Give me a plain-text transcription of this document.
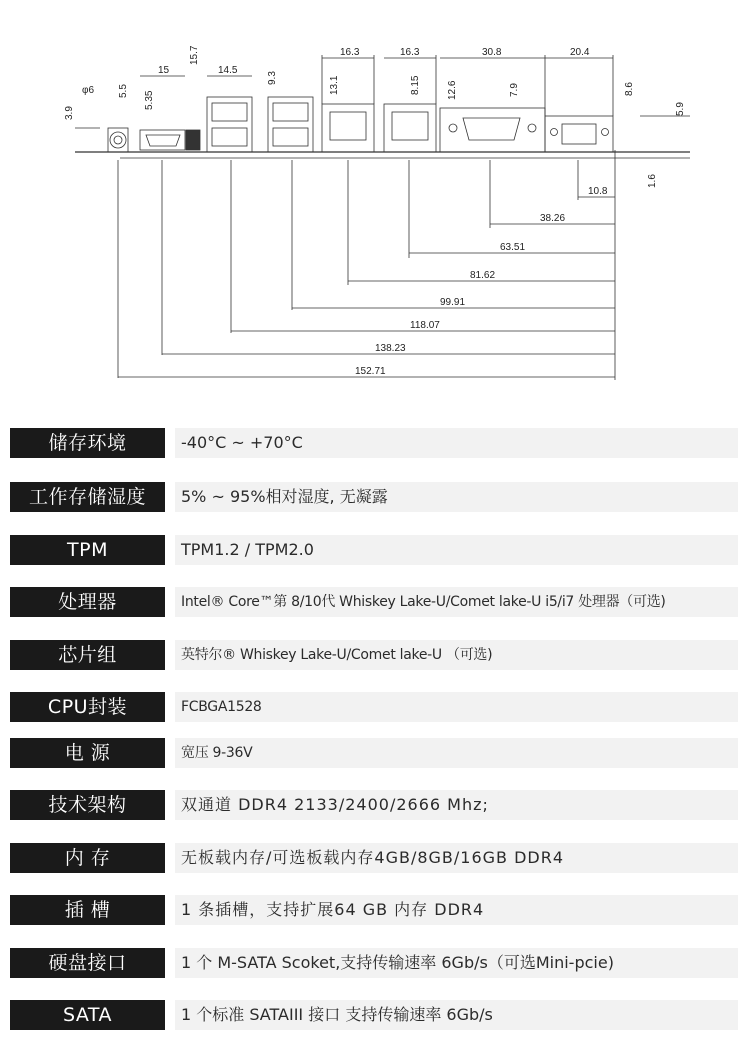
φ6
3.9
5.5 5.35
15
15.7
14.5
9.3
16.3	16.3
13.1	8.15
30.8
12.6	7.9
20.4
8.6
5.9
1.6
10.8
38.26
63.51
81.62
99.91
118.07
138.23
152.71
储存环境	-40°C ~ +70°C
工作存储湿度	5% ~ 95%相对湿度, 无凝露
TPM	TPM1.2 / TPM2.0
处理器	Intel® Core™第 8/10代 Whiskey Lake-U/Comet lake-U i5/i7 处理器（可选)
芯片组	英特尔® Whiskey Lake-U/Comet lake-U （可选)
CPU封装	FCBGA1528
电 源	宽压 9-36V
技术架构	双通道 DDR4 2133/2400/2666 Mhz;
内 存	无板载内存/可选板载内存4GB/8GB/16GB DDR4
插 槽	1 条插槽，支持扩展64 GB 内存 DDR4
硬盘接口	1 个 M-SATA Scoket,支持传输速率 6Gb/s（可选Mini-pcie)
SATA	1 个标准 SATAIII 接口 支持传输速率 6Gb/s
